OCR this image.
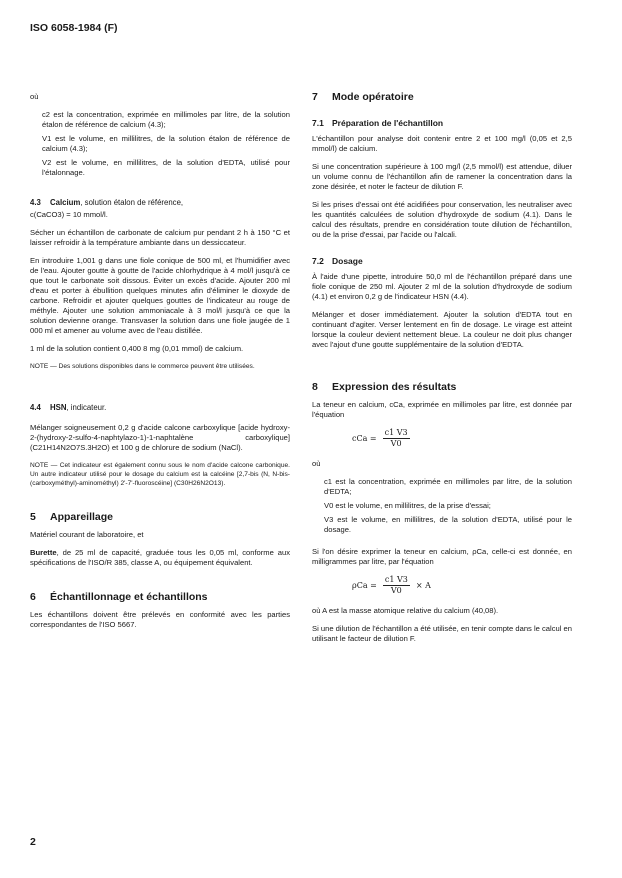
ISO 6058-1984 (F)

où

c2 est la concentration, exprimée en millimoles par litre, de la solution étalon de référence de calcium (4.3);

V1 est le volume, en millilitres, de la solution étalon de référence de calcium (4.3);

V2 est le volume, en millilitres, de la solution d'EDTA, utilisé pour l'étalonnage.

4.3 Calcium, solution étalon de référence,

c(CaCO3) = 10 mmol/l.

Sécher un échantillon de carbonate de calcium pur pendant 2 h à 150 °C et laisser refroidir à la température ambiante dans un dessiccateur.

En introduire 1,001 g dans une fiole conique de 500 ml, et l'humidifier avec de l'eau. Ajouter goutte à goutte de l'acide chlorhydrique à 4 mol/l jusqu'à ce que tout le carbonate soit dissous. Éviter un excès d'acide. Ajouter 200 ml d'eau et porter à ébullition quelques minutes afin d'éliminer le dioxyde de carbone. Refroidir et ajouter quelques gouttes de l'indicateur au rouge de méthyle. Ajouter une solution ammoniacale à 3 mol/l jusqu'à ce que la solution devienne orange. Transvaser la solution dans une fiole jaugée de 1 000 ml et amener au volume avec de l'eau distillée.

1 ml de la solution contient 0,400 8 mg (0,01 mmol) de calcium.

NOTE — Des solutions disponibles dans le commerce peuvent être utilisées.

4.4 HSN, indicateur.

Mélanger soigneusement 0,2 g d'acide calcone carboxylique [acide hydroxy-2-(hydroxy-2-sulfo-4-naphtylazo-1)-1-naphtalène carboxylique] (C21H14N2O7S.3H2O) et 100 g de chlorure de sodium (NaCl).

NOTE — Cet indicateur est également connu sous le nom d'acide calcone carbonique. Un autre indicateur utilisé pour le dosage du calcium est la calcéine [2,7-bis (N, N-bis-(carboxyméthyl)-aminométhyl) 2'-7'-fluoroscéine] (C30H26N2O13).

5 Appareillage

Matériel courant de laboratoire, et

Burette, de 25 ml de capacité, graduée tous les 0,05 ml, conforme aux spécifications de l'ISO/R 385, classe A, ou équipement équivalent.

6 Échantillonnage et échantillons

Les échantillons doivent être prélevés en conformité avec les parties correspondantes de l'ISO 5667.

7 Mode opératoire
7.1 Préparation de l'échantillon

L'échantillon pour analyse doit contenir entre 2 et 100 mg/l (0,05 et 2,5 mmol/l) de calcium.

Si une concentration supérieure à 100 mg/l (2,5 mmol/l) est attendue, diluer un volume connu de l'échantillon afin de ramener la concentration dans la zone désirée, et noter le facteur de dilution F.

Si les prises d'essai ont été acidifiées pour conservation, les neutraliser avec les quantités calculées de solution d'hydroxyde de sodium (4.1). Dans le calcul des résultats, prendre en considération toute dilution de l'échantillon, ou de la prise d'essai, par l'acide ou l'alcali.

7.2 Dosage

À l'aide d'une pipette, introduire 50,0 ml de l'échantillon préparé dans une fiole conique de 250 ml. Ajouter 2 ml de la solution d'hydroxyde de sodium (4.1) et environ 0,2 g de l'indicateur HSN (4.4).

Mélanger et doser immédiatement. Ajouter la solution d'EDTA tout en continuant d'agiter. Verser lentement en fin de dosage. Le virage est atteint lorsque la couleur devient nettement bleue. La couleur ne doit plus changer avec l'ajout d'une goutte supplémentaire de la solution d'EDTA.

8 Expression des résultats

La teneur en calcium, cCa, exprimée en millimoles par litre, est donnée par l'équation

cCa = $\frac{c1 V3}{V0}$

où

c1 est la concentration, exprimée en millimoles par litre, de la solution d'EDTA;

V0 est le volume, en millilitres, de la prise d'essai;

V3 est le volume, en millilitres, de la solution d'EDTA, utilisé pour le dosage.

Si l'on désire exprimer la teneur en calcium, ρCa, celle-ci est donnée, en milligrammes par litre, par l'équation

$\rho Ca = \frac{c1 V3}{V0} \times A$

où A est la masse atomique relative du calcium (40,08).

Si une dilution de l'échantillon a été utilisée, en tenir compte dans le calcul en utilisant le facteur de dilution F.

2
